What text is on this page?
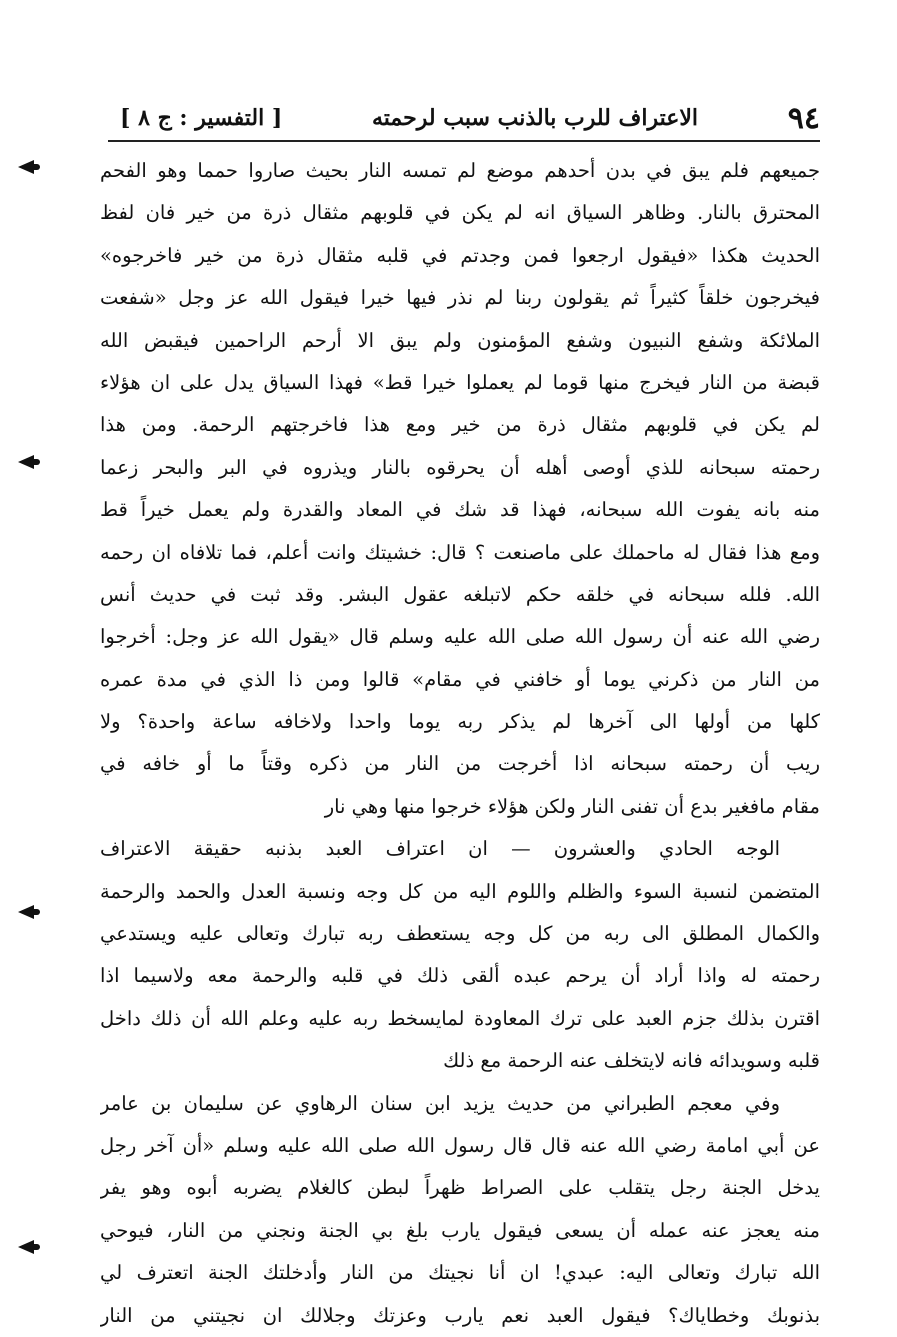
٩٤
الاعتراف للرب بالذنب سبب لرحمته
[ التفسير : ج ٨ ]
جميعهم فلم يبق في بدن أحدهم موضع لم تمسه النار بحيث صاروا حمما وهو الفحم
المحترق بالنار. وظاهر السياق انه لم يكن في قلوبهم مثقال ذرة من خير فان لفظ
الحديث هكذا «فيقول ارجعوا فمن وجدتم في قلبه مثقال ذرة من خير فاخرجوه»
فيخرجون خلقاً كثيراً ثم يقولون ربنا لم نذر فيها خيرا فيقول الله عز وجل «شفعت
الملائكة وشفع النبيون وشفع المؤمنون ولم يبق الا أرحم الراحمين فيقبض الله
قبضة من النار فيخرج منها قوما لم يعملوا خيرا قط» فهذا السياق يدل على ان هؤلاء
لم يكن في قلوبهم مثقال ذرة من خير ومع هذا فاخرجتهم الرحمة. ومن هذا
رحمته سبحانه للذي أوصى أهله أن يحرقوه بالنار ويذروه في البر والبحر زعما
منه بانه يفوت الله سبحانه، فهذا قد شك في المعاد والقدرة ولم يعمل خيراً قط
ومع هذا فقال له ماحملك على ماصنعت ؟ قال: خشيتك وانت أعلم، فما تلافاه ان رحمه
الله. فلله سبحانه في خلقه حكم لاتبلغه عقول البشر. وقد ثبت في حديث أنس
رضي الله عنه أن رسول الله صلى الله عليه وسلم قال «يقول الله عز وجل: أخرجوا
من النار من ذكرني يوما أو خافني في مقام» قالوا ومن ذا الذي في مدة عمره
كلها من أولها الى آخرها لم يذكر ربه يوما واحدا ولاخافه ساعة واحدة؟ ولا
ريب أن رحمته سبحانه اذا أخرجت من النار من ذكره وقتاً ما أو خافه في
مقام مافغير بدع أن تفنى النار ولكن هؤلاء خرجوا منها وهي نار
الوجه الحادي والعشرون — ان اعتراف العبد بذنبه حقيقة الاعتراف
المتضمن لنسبة السوء والظلم واللوم اليه من كل وجه ونسبة العدل والحمد والرحمة
والكمال المطلق الى ربه من كل وجه يستعطف ربه تبارك وتعالى عليه ويستدعي
رحمته له واذا أراد أن يرحم عبده ألقى ذلك في قلبه والرحمة معه ولاسيما اذا
اقترن بذلك جزم العبد على ترك المعاودة لمايسخط ربه عليه وعلم الله أن ذلك داخل
قلبه وسويدائه فانه لايتخلف عنه الرحمة مع ذلك
وفي معجم الطبراني من حديث يزيد ابن سنان الرهاوي عن سليمان بن عامر
عن أبي امامة رضي الله عنه قال قال رسول الله صلى الله عليه وسلم «أن آخر رجل
يدخل الجنة رجل يتقلب على الصراط ظهراً لبطن كالغلام يضربه أبوه وهو يفر
منه يعجز عنه عمله أن يسعى فيقول يارب بلغ بي الجنة ونجني من النار، فيوحي
الله تبارك وتعالى اليه: عبدي! ان أنا نجيتك من النار وأدخلتك الجنة اتعترف لي
بذنوبك وخطاياك؟ فيقول العبد نعم يارب وعزتك وجلالك ان نجيتني من النار
